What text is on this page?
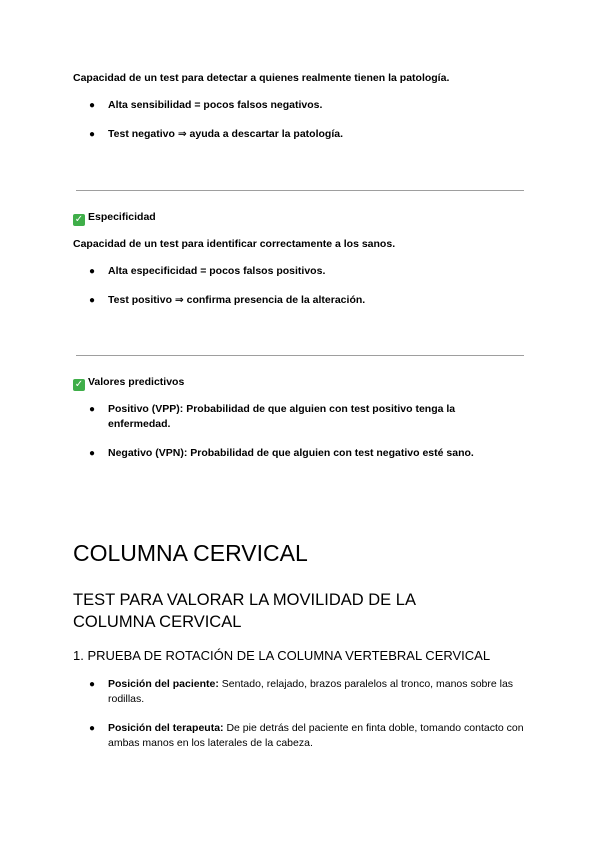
Capacidad de un test para detectar a quienes realmente tienen la patología.
● Alta sensibilidad = pocos falsos negativos.
● Test negativo ⇒ ayuda a descartar la patología.
✓ Especificidad
Capacidad de un test para identificar correctamente a los sanos.
● Alta especificidad = pocos falsos positivos.
● Test positivo ⇒ confirma presencia de la alteración.
✓ Valores predictivos
● Positivo (VPP): Probabilidad de que alguien con test positivo tenga la enfermedad.
● Negativo (VPN): Probabilidad de que alguien con test negativo esté sano.
COLUMNA CERVICAL
TEST PARA VALORAR LA MOVILIDAD DE LA COLUMNA CERVICAL
1. PRUEBA DE ROTACIÓN DE LA COLUMNA VERTEBRAL CERVICAL
● Posición del paciente: Sentado, relajado, brazos paralelos al tronco, manos sobre las rodillas.
● Posición del terapeuta: De pie detrás del paciente en finta doble, tomando contacto con ambas manos en los laterales de la cabeza.
